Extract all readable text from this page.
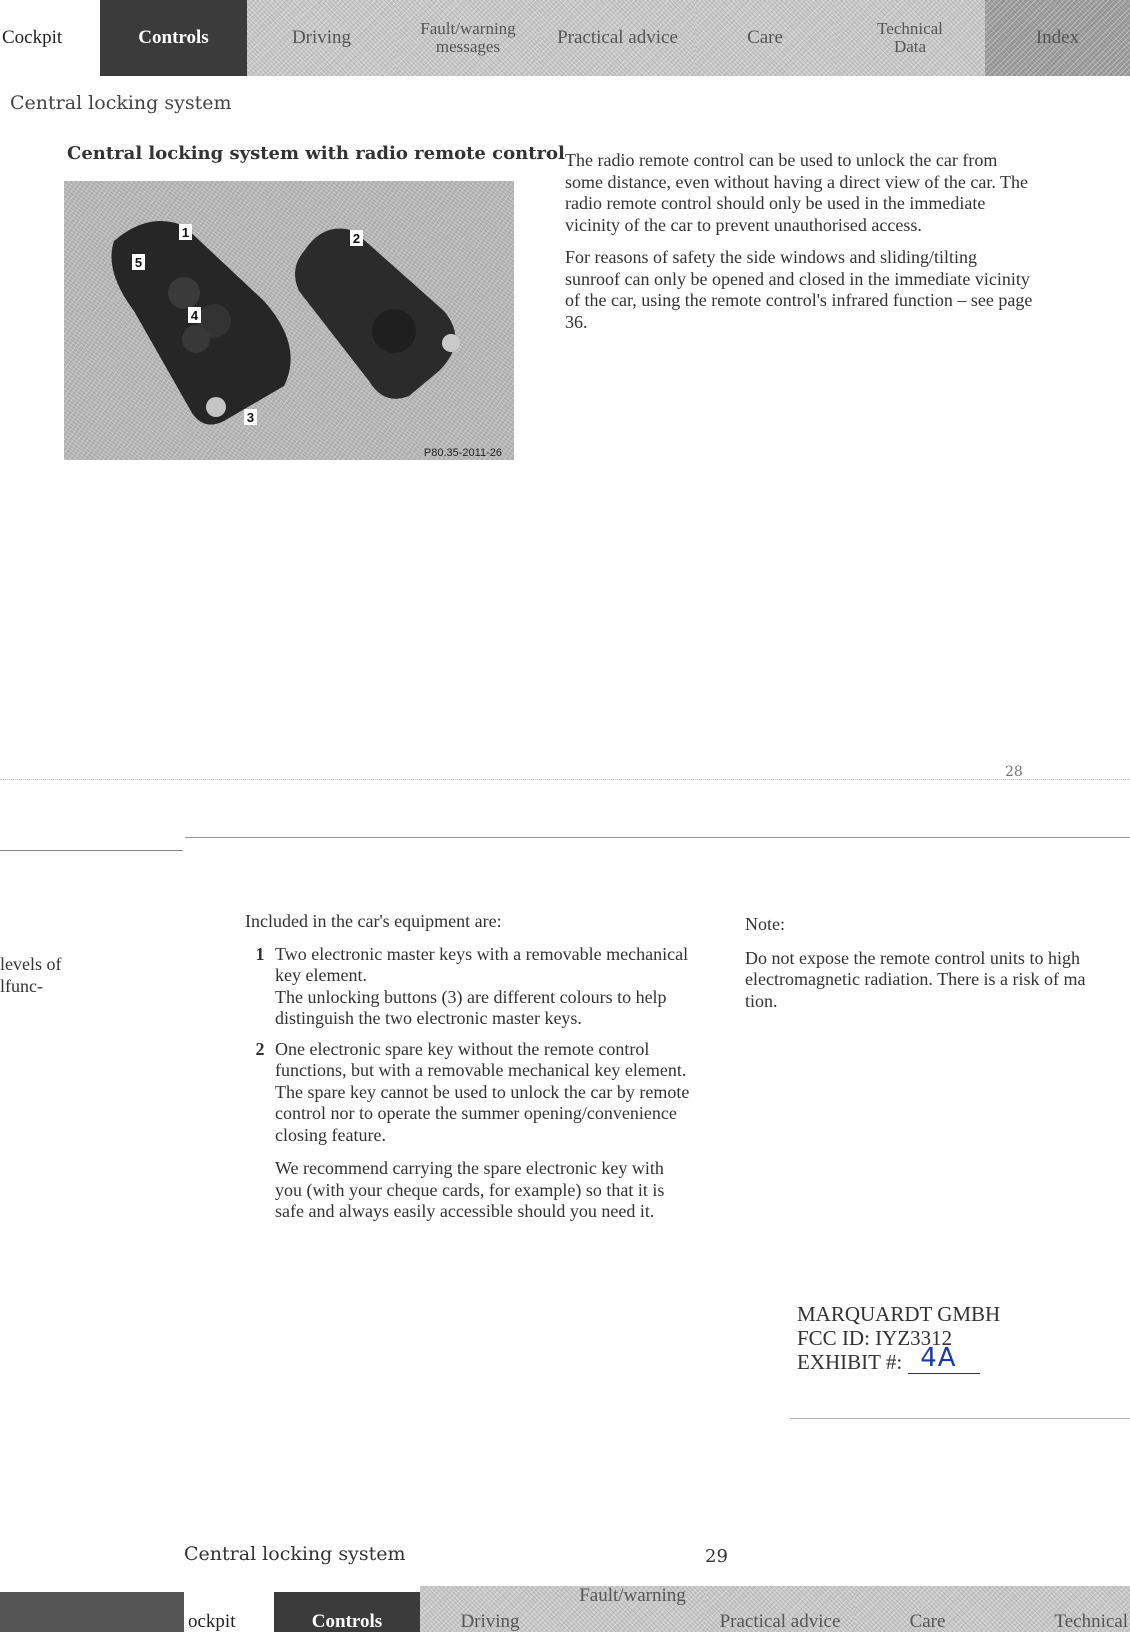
Cockpit	Controls	Driving	Fault/warning messages	Practical advice	Care	Technical Data	Index
Central locking system
Central locking system with radio remote control
1	2
3
4
5
P80.35-2011-26

The radio remote control can be used to unlock the car from some distance, even without having a direct view of the car. The radio remote control should only be used in the immediate vicinity of the car to prevent unauthorised access.

For reasons of safety the side windows and sliding/tilting sunroof can only be opened and closed in the immediate vicinity of the car, using the remote control's infrared function – see page 36.

28
levels of
lfunc-

Included in the car's equipment are:

1 Two electronic master keys with a removable mechanical key element.

The unlocking buttons (3) are different colours to help distinguish the two electronic master keys.

2 One electronic spare key without the remote control functions, but with a removable mechanical key element. The spare key cannot be used to unlock the car by remote control nor to operate the summer opening/convenience closing feature.

We recommend carrying the spare electronic key with you (with your cheque cards, for example) so that it is safe and always easily accessible should you need it.

Note:
Do not expose the remote control units to high
electromagnetic radiation. There is a risk of ma
tion.
MARQUARDT GMBH
FCC ID: IYZ3312
EXHIBIT #: 4A
Central locking system	29
ockpit	Controls	Driving
Fault/warning
Practical advice	Care	Technical
